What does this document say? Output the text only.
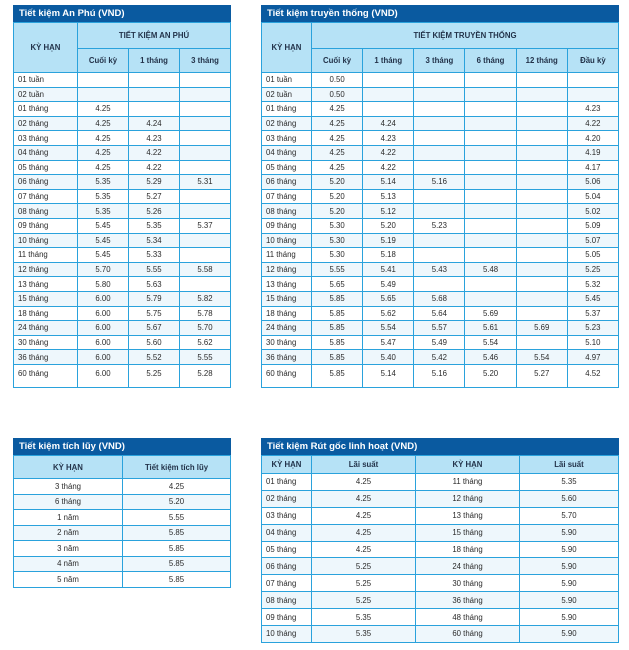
Tiết kiệm An Phú (VND)
KỲ HẠN	TIẾT KIỆM AN PHÚ		
	Cuối kỳ	1 tháng	3 tháng
01 tuần			
02 tuần			
01 tháng	4.25		
02 tháng	4.25	4.24	
03 tháng	4.25	4.23	
04 tháng	4.25	4.22	
05 tháng	4.25	4.22	
06 tháng	5.35	5.29	5.31
07 tháng	5.35	5.27	
08 tháng	5.35	5.26	
09 tháng	5.45	5.35	5.37
10 tháng	5.45	5.34	
11 tháng	5.45	5.33	
12 tháng	5.70	5.55	5.58
13 tháng	5.80	5.63	
15 tháng	6.00	5.79	5.82
18 tháng	6.00	5.75	5.78
24 tháng	6.00	5.67	5.70
30 tháng	6.00	5.60	5.62
36 tháng	6.00	5.52	5.55
60 tháng	6.00	5.25	5.28
Tiết kiệm truyền thống (VND)
KỲ HẠN	TIẾT KIỆM TRUYỀN THỐNG					
	Cuối kỳ	1 tháng	3 tháng	6 tháng	12 tháng	Đầu kỳ
01 tuần	0.50					
02 tuần	0.50					
01 tháng	4.25					4.23
02 tháng	4.25	4.24				4.22
03 tháng	4.25	4.23				4.20
04 tháng	4.25	4.22				4.19
05 tháng	4.25	4.22				4.17
06 tháng	5.20	5.14	5.16			5.06
07 tháng	5.20	5.13				5.04
08 tháng	5.20	5.12				5.02
09 tháng	5.30	5.20	5.23			5.09
10 tháng	5.30	5.19				5.07
11 tháng	5.30	5.18				5.05
12 tháng	5.55	5.41	5.43	5.48		5.25
13 tháng	5.65	5.49				5.32
15 tháng	5.85	5.65	5.68			5.45
18 tháng	5.85	5.62	5.64	5.69		5.37
24 tháng	5.85	5.54	5.57	5.61	5.69	5.23
30 tháng	5.85	5.47	5.49	5.54		5.10
36 tháng	5.85	5.40	5.42	5.46	5.54	4.97
60 tháng	5.85	5.14	5.16	5.20	5.27	4.52
Tiết kiệm tích lũy (VND)
KỲ HẠN	Tiết kiệm tích lũy
3 tháng	4.25
6 tháng	5.20
1 năm	5.55
2 năm	5.85
3 năm	5.85
4 năm	5.85
5 năm	5.85
Tiết kiệm Rút gốc linh hoạt (VND)
KỲ HẠN	Lãi suất	KỲ HẠN	Lãi suất
01 tháng	4.25	11 tháng	5.35
02 tháng	4.25	12 tháng	5.60
03 tháng	4.25	13 tháng	5.70
04 tháng	4.25	15 tháng	5.90
05 tháng	4.25	18 tháng	5.90
06 tháng	5.25	24 tháng	5.90
07 tháng	5.25	30 tháng	5.90
08 tháng	5.25	36 tháng	5.90
09 tháng	5.35	48 tháng	5.90
10 tháng	5.35	60 tháng	5.90
